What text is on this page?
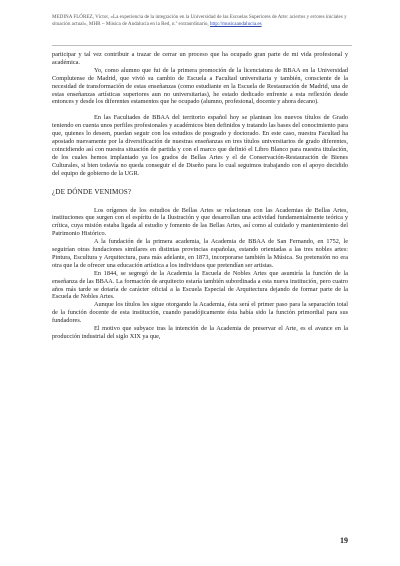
MEDINA FLÓREZ, Víctor, «La experiencia de la integración en la Universidad de las Escuelas Superiores de Arte: aciertos y errores iniciales y situación actual», MHR ~ Música de Andalucía en la Red, n.º extraordinario, http://musicaandalucia.es

participar y tal vez contribuir a trazar de cerrar un proceso que ha ocupado gran parte de mi vida profesional y académica.

Yo, como alumno que fui de la primera promoción de la licenciatura de BBAA en la Universidad Complutense de Madrid, que vivió su cambio de Escuela a Facultad universitaria y también, consciente de la necesidad de transformación de estas enseñanzas (como estudiante en la Escuela de Restauración de Madrid, una de estas enseñanzas artísticas superiores aun no universitarias), he estado dedicado enfrente a esta reflexión desde entonces y desde los diferentes estamentos que he ocupado (alumno, profesional, docente y ahora decano).

En las Facultades de BBAA del territorio español hoy se plantean los nuevos títulos de Grado teniendo en cuenta unos perfiles profesionales y académicos bien definidos y tratando las bases del conocimiento para que, quienes lo deseen, puedan seguir con los estudios de posgrado y doctorado. En este caso, nuestra Facultad ha apostado nuevamente por la diversificación de nuestras enseñanzas en tres títulos universitarios de grado diferentes, coincidiendo así con nuestra situación de partida y con el marco que definió el Libro Blanco para nuestra titulación, de los cuales hemos implantado ya los grados de Bellas Artes y el de Conservación-Restauración de Bienes Culturales, si bien todavía no queda conseguir el de Diseño para lo cual seguimos trabajando con el apoyo decidido del equipo de gobierno de la UGR.

¿DE DÓNDE VENIMOS?

Los orígenes de los estudios de Bellas Artes se relacionan con las Academias de Bellas Artes, instituciones que surgen con el espíritu de la Ilustración y que desarrollan una actividad fundamentalmente teórica y crítica, cuya misión estaba ligada al estudio y fomento de las Bellas Artes, así como al cuidado y mantenimiento del Patrimonio Histórico.

A la fundación de la primera academia, la Academia de BBAA de San Fernando, en 1752, le seguirían otras fundaciones similares en distintas provincias españolas, estando orientadas a las tres nobles artes: Pintura, Escultura y Arquitectura, para más adelante, en 1873, incorporarse también la Música. Su pretensión no era otra que la de ofrecer una educación artística a los individuos que pretendían ser artistas.

En 1844, se segregó de la Academia la Escuela de Nobles Artes que asumiría la función de la enseñanza de las BBAA. La formación de arquitecto estaría también subordinada a esta nueva institución, pero cuatro años más tarde se dotaría de carácter oficial a la Escuela Especial de Arquitectura dejando de formar parte de la Escuela de Nobles Artes.

Aunque los títulos les sigue otorgando la Academia, ésta será el primer paso para la separación total de la función docente de esta institución, cuando paradójicamente ésta había sido la función primordial para sus fundadores.

El motivo que subyace tras la intención de la Academia de preservar el Arte, es el avance en la producción industrial del siglo XIX ya que,

19
